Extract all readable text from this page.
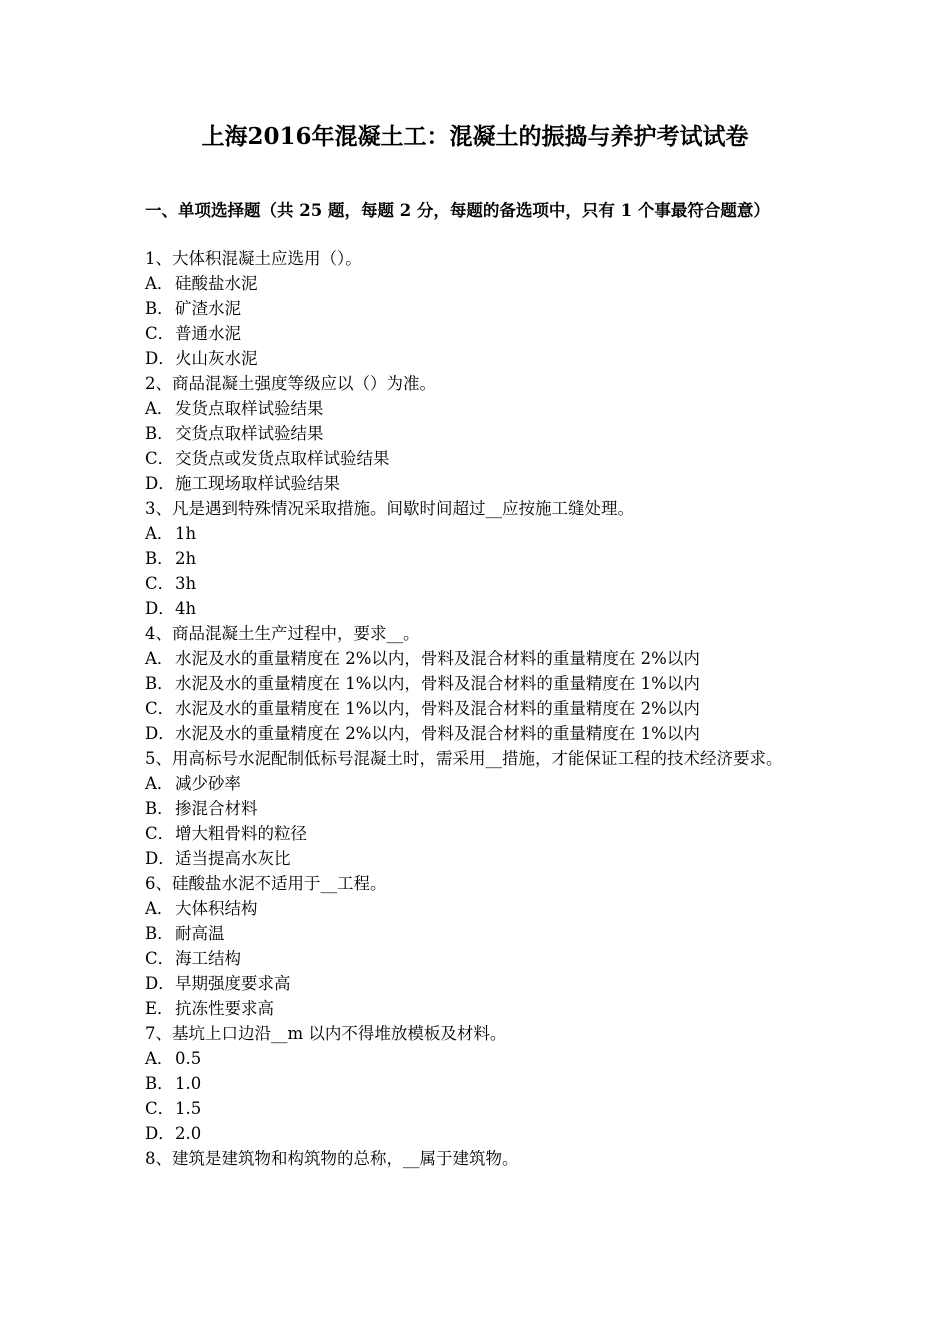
上海2016年混凝土工：混凝土的振捣与养护考试试卷
一、单项选择题（共 25 题，每题 2 分，每题的备选项中，只有 1 个事最符合题意）
1、大体积混凝土应选用（）。
A．硅酸盐水泥
B．矿渣水泥
C．普通水泥
D．火山灰水泥
2、商品混凝土强度等级应以（）为准。
A．发货点取样试验结果
B．交货点取样试验结果
C．交货点或发货点取样试验结果
D．施工现场取样试验结果
3、凡是遇到特殊情况采取措施。间歇时间超过__应按施工缝处理。
A．1h
B．2h
C．3h
D．4h
4、商品混凝土生产过程中，要求__。
A．水泥及水的重量精度在 2%以内，骨料及混合材料的重量精度在 2%以内
B．水泥及水的重量精度在 1%以内，骨料及混合材料的重量精度在 1%以内
C．水泥及水的重量精度在 1%以内，骨料及混合材料的重量精度在 2%以内
D．水泥及水的重量精度在 2%以内，骨料及混合材料的重量精度在 1%以内
5、用高标号水泥配制低标号混凝土时，需采用__措施，才能保证工程的技术经济要求。
A．减少砂率
B．掺混合材料
C．增大粗骨料的粒径
D．适当提高水灰比
6、硅酸盐水泥不适用于__工程。
A．大体积结构
B．耐高温
C．海工结构
D．早期强度要求高
E．抗冻性要求高
7、基坑上口边沿__m 以内不得堆放模板及材料。
A．0.5
B．1.0
C．1.5
D．2.0
8、建筑是建筑物和构筑物的总称，__属于建筑物。
